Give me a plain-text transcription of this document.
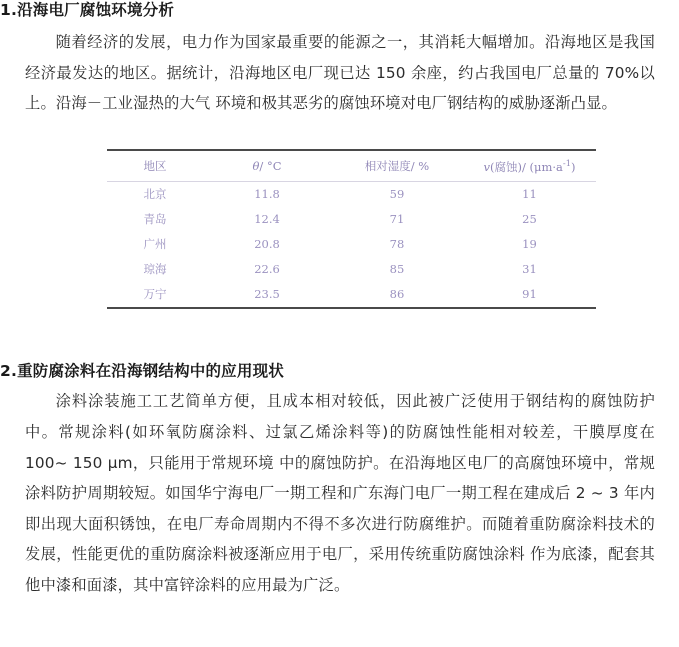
1.沿海电厂腐蚀环境分析

随着经济的发展，电力作为国家最重要的能源之一，其消耗大幅增加。沿海地区是我国经济最发达的地区。据统计，沿海地区电厂现已达 150 余座，约占我国电厂总量的 70%以上。沿海－工业湿热的大气 环境和极其恶劣的腐蚀环境对电厂钢结构的威胁逐渐凸显。

地区	θ/ °C	相对湿度/ %	v(腐蚀)/ $(\mu m\cdot a^{-1})$
北京	11.8	59	11
青岛	12.4	71	25
广州	20.8	78	19
琼海	22.6	85	31
万宁	23.5	86	91
2.重防腐涂料在沿海钢结构中的应用现状

涂料涂装施工工艺简单方便，且成本相对较低，因此被广泛使用于钢结构的腐蚀防护中。常规涂料(如环氧防腐涂料、过氯乙烯涂料等)的防腐蚀性能相对较差，干膜厚度在 100~ 150 μm，只能用于常规环境 中的腐蚀防护。在沿海地区电厂的高腐蚀环境中，常规涂料防护周期较短。如国华宁海电厂一期工程和广东海门电厂一期工程在建成后 2 ~ 3 年内即出现大面积锈蚀，在电厂寿命周期内不得不多次进行防腐维护。而随着重防腐涂料技术的发展，性能更优的重防腐涂料被逐渐应用于电厂，采用传统重防腐蚀涂料 作为底漆，配套其他中漆和面漆，其中富锌涂料的应用最为广泛。
